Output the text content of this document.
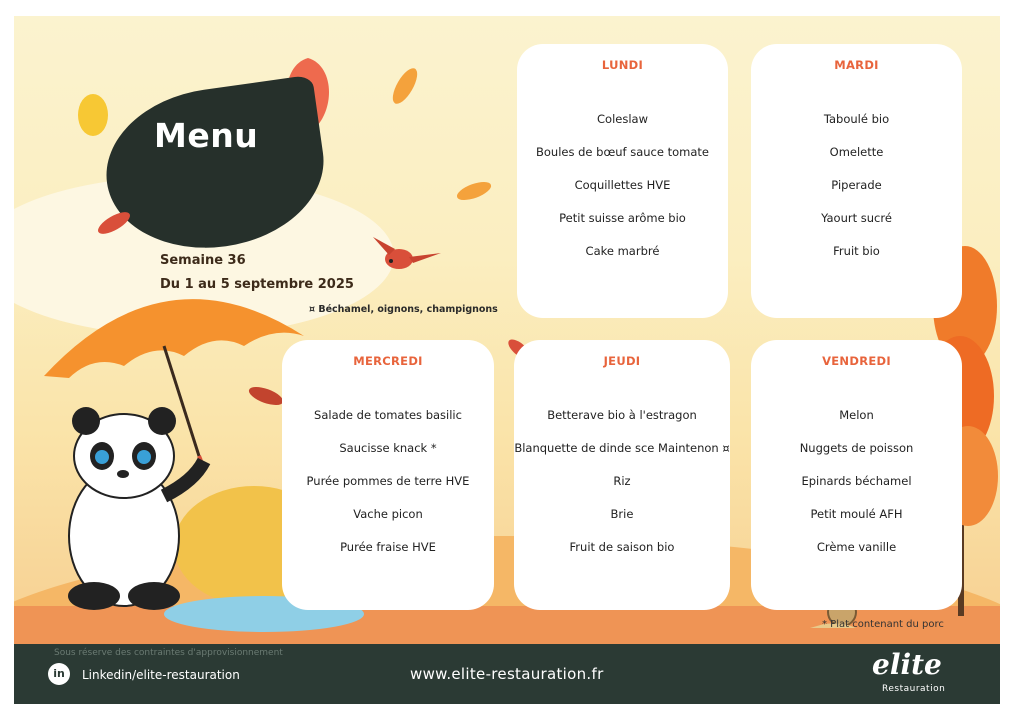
Menu
Semaine 36
Du 1 au 5 septembre 2025
¤ Béchamel, oignons, champignons
LUNDI
Coleslaw
Boules de bœuf sauce tomate
Coquillettes HVE
Petit suisse arôme bio
Cake marbré
MARDI
Taboulé bio
Omelette
Piperade
Yaourt sucré
Fruit bio
MERCREDI
Salade de tomates basilic
Saucisse knack *
Purée pommes de terre HVE
Vache picon
Purée fraise HVE
JEUDI
Betterave bio à l'estragon
Blanquette de dinde sce Maintenon ¤
Riz
Brie
Fruit de saison bio
VENDREDI
Melon
Nuggets de poisson
Epinards béchamel
Petit moulé AFH
Crème vanille
* Plat contenant du porc
Sous réserve des contraintes d'approvisionnement
in	Linkedin/elite-restauration	www.elite-restauration.fr	elite
Restauration
